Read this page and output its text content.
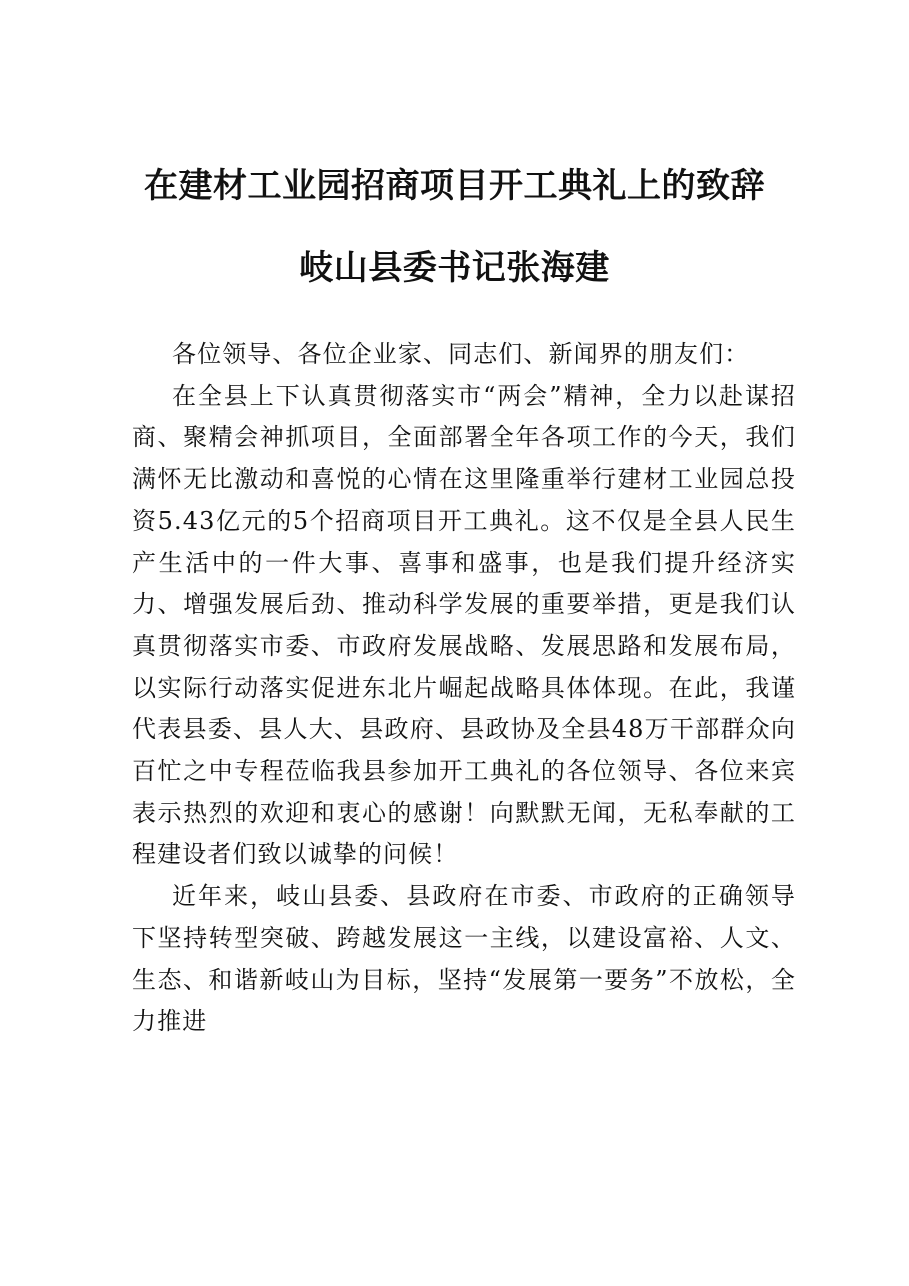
在建材工业园招商项目开工典礼上的致辞
岐山县委书记张海建

各位领导、各位企业家、同志们、新闻界的朋友们：

在全县上下认真贯彻落实市“两会”精神，全力以赴谋招商、聚精会神抓项目，全面部署全年各项工作的今天，我们满怀无比激动和喜悦的心情在这里隆重举行建材工业园总投资5.43亿元的5个招商项目开工典礼。这不仅是全县人民生产生活中的一件大事、喜事和盛事，也是我们提升经济实力、增强发展后劲、推动科学发展的重要举措，更是我们认真贯彻落实市委、市政府发展战略、发展思路和发展布局，以实际行动落实促进东北片崛起战略具体体现。在此，我谨代表县委、县人大、县政府、县政协及全县48万干部群众向百忙之中专程莅临我县参加开工典礼的各位领导、各位来宾表示热烈的欢迎和衷心的感谢！向默默无闻，无私奉献的工程建设者们致以诚挚的问候！

近年来，岐山县委、县政府在市委、市政府的正确领导下坚持转型突破、跨越发展这一主线，以建设富裕、人文、生态、和谐新岐山为目标，坚持“发展第一要务”不放松，全力推进
